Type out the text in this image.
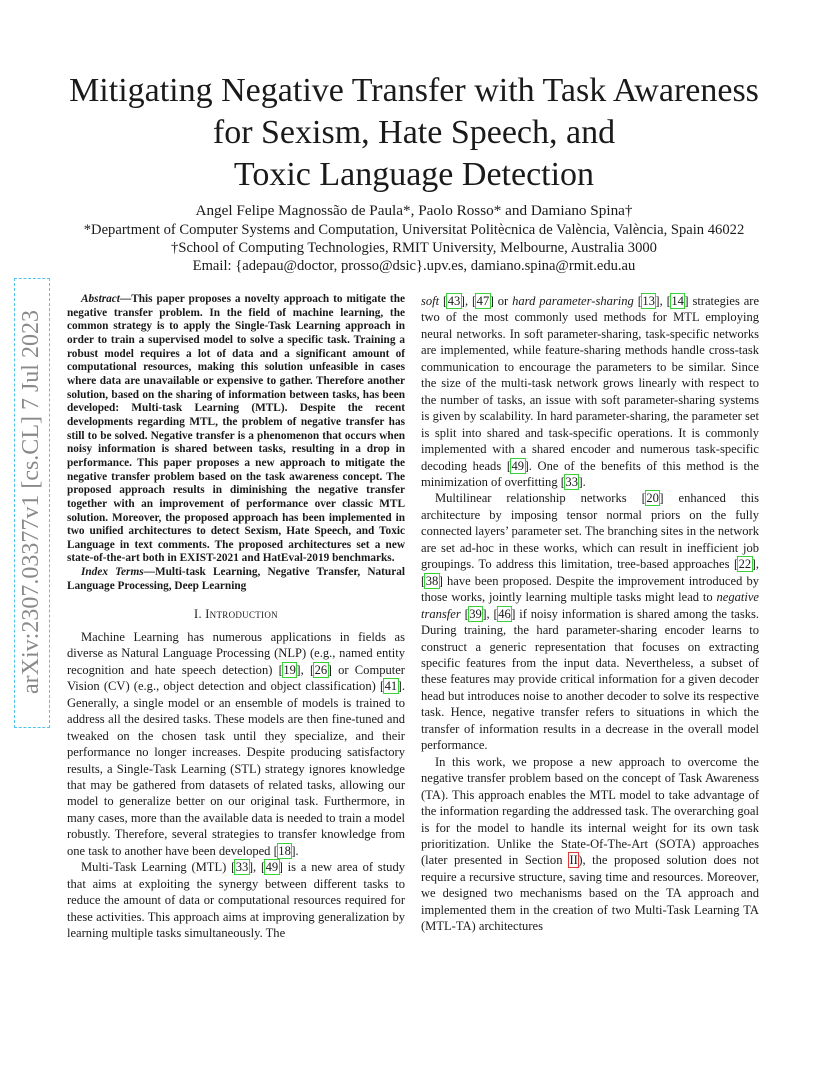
Mitigating Negative Transfer with Task Awareness
for Sexism, Hate Speech, and
Toxic Language Detection
Angel Felipe Magnossão de Paula*, Paolo Rosso* and Damiano Spina†
*Department of Computer Systems and Computation, Universitat Politècnica de València, València, Spain 46022
†School of Computing Technologies, RMIT University, Melbourne, Australia 3000
Email: {adepau@doctor, prosso@dsic}.upv.es, damiano.spina@rmit.edu.au
arXiv:2307.03377v1 [cs.CL] 7 Jul 2023

Abstract—This paper proposes a novelty approach to mitigate the negative transfer problem. In the field of machine learning, the common strategy is to apply the Single-Task Learning approach in order to train a supervised model to solve a specific task. Training a robust model requires a lot of data and a significant amount of computational resources, making this solution unfeasible in cases where data are unavailable or expensive to gather. Therefore another solution, based on the sharing of information between tasks, has been developed: Multi-task Learning (MTL). Despite the recent developments regarding MTL, the problem of negative transfer has still to be solved. Negative transfer is a phenomenon that occurs when noisy information is shared between tasks, resulting in a drop in performance. This paper proposes a new approach to mitigate the negative transfer problem based on the task awareness concept. The proposed approach results in diminishing the negative transfer together with an improvement of performance over classic MTL solution. Moreover, the proposed approach has been implemented in two unified architectures to detect Sexism, Hate Speech, and Toxic Language in text comments. The proposed architectures set a new state-of-the-art both in EXIST-2021 and HatEval-2019 benchmarks.

Index Terms—Multi-task Learning, Negative Transfer, Natural Language Processing, Deep Learning

I. Introduction

Machine Learning has numerous applications in fields as diverse as Natural Language Processing (NLP) (e.g., named entity recognition and hate speech detection) [19], [26] or Computer Vision (CV) (e.g., object detection and object classification) [41]. Generally, a single model or an ensemble of models is trained to address all the desired tasks. These models are then fine-tuned and tweaked on the chosen task until they specialize, and their performance no longer increases. Despite producing satisfactory results, a Single-Task Learning (STL) strategy ignores knowledge that may be gathered from datasets of related tasks, allowing our model to generalize better on our original task. Furthermore, in many cases, more than the available data is needed to train a model robustly. Therefore, several strategies to transfer knowledge from one task to another have been developed [18].

Multi-Task Learning (MTL) [33], [49] is a new area of study that aims at exploiting the synergy between different tasks to reduce the amount of data or computational resources required for these activities. This approach aims at improving generalization by learning multiple tasks simultaneously. The

soft [43], [47] or hard parameter-sharing [13], [14] strategies are two of the most commonly used methods for MTL employing neural networks. In soft parameter-sharing, task-specific networks are implemented, while feature-sharing methods handle cross-task communication to encourage the parameters to be similar. Since the size of the multi-task network grows linearly with respect to the number of tasks, an issue with soft parameter-sharing systems is given by scalability. In hard parameter-sharing, the parameter set is split into shared and task-specific operations. It is commonly implemented with a shared encoder and numerous task-specific decoding heads [49]. One of the benefits of this method is the minimization of overfitting [33].

Multilinear relationship networks [20] enhanced this architecture by imposing tensor normal priors on the fully connected layers’ parameter set. The branching sites in the network are set ad-hoc in these works, which can result in inefficient job groupings. To address this limitation, tree-based approaches [22], [38] have been proposed. Despite the improvement introduced by those works, jointly learning multiple tasks might lead to negative transfer [39], [46] if noisy information is shared among the tasks. During training, the hard parameter-sharing encoder learns to construct a generic representation that focuses on extracting specific features from the input data. Nevertheless, a subset of these features may provide critical information for a given decoder head but introduces noise to another decoder to solve its respective task. Hence, negative transfer refers to situations in which the transfer of information results in a decrease in the overall model performance.

In this work, we propose a new approach to overcome the negative transfer problem based on the concept of Task Awareness (TA). This approach enables the MTL model to take advantage of the information regarding the addressed task. The overarching goal is for the model to handle its internal weight for its own task prioritization. Unlike the State-Of-The-Art (SOTA) approaches (later presented in Section II), the proposed solution does not require a recursive structure, saving time and resources. Moreover, we designed two mechanisms based on the TA approach and implemented them in the creation of two Multi-Task Learning TA (MTL-TA) architectures
